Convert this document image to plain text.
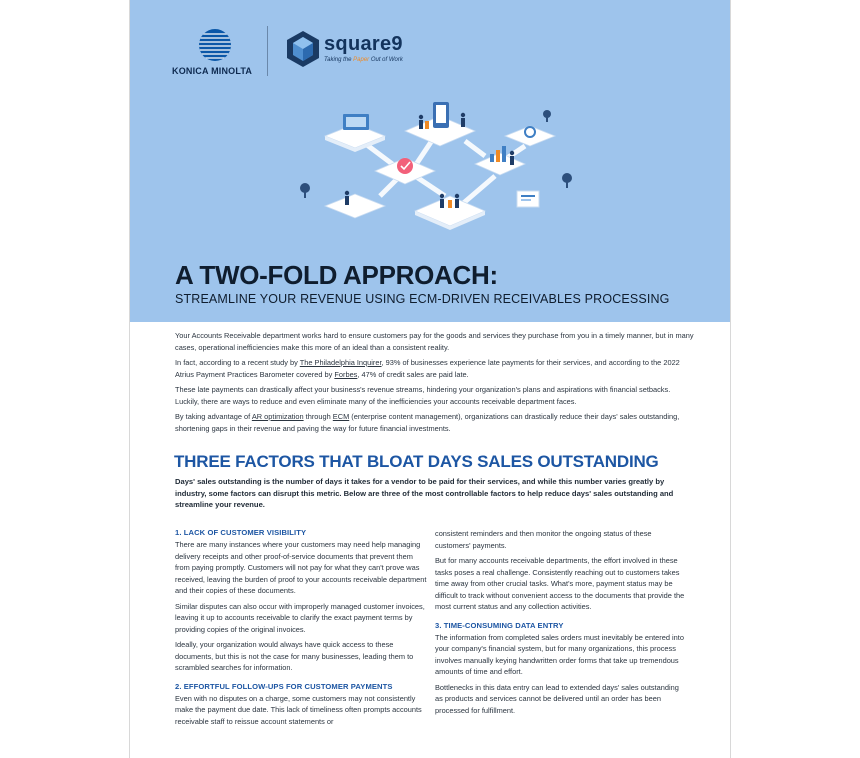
KONICA MINOLTA
square9
Taking the Paper Out of Work
A TWO-FOLD APPROACH:
STREAMLINE YOUR REVENUE USING ECM-DRIVEN RECEIVABLES PROCESSING

Your Accounts Receivable department works hard to ensure customers pay for the goods and services they purchase from you in a timely manner, but in many cases, operational inefficiencies make this more of an ideal than a consistent reality.

In fact, according to a recent study by The Philadelphia Inquirer, 93% of businesses experience late payments for their services, and according to the 2022 Atrius Payment Practices Barometer covered by Forbes, 47% of credit sales are paid late.

These late payments can drastically affect your business's revenue streams, hindering your organization's plans and aspirations with financial setbacks. Luckily, there are ways to reduce and even eliminate many of the inefficiencies your accounts receivable department faces.

By taking advantage of AR optimization through ECM (enterprise content management), organizations can drastically reduce their days' sales outstanding, shortening gaps in their revenue and paving the way for future financial investments.

THREE FACTORS THAT BLOAT DAYS SALES OUTSTANDING

Days' sales outstanding is the number of days it takes for a vendor to be paid for their services, and while this number varies greatly by industry, some factors can disrupt this metric. Below are three of the most controllable factors to help reduce days' sales outstanding and streamline your revenue.

1. LACK OF CUSTOMER VISIBILITY

There are many instances where your customers may need help managing delivery receipts and other proof-of-service documents that prevent them from paying promptly. Customers will not pay for what they can't prove was received, leaving the burden of proof to your accounts receivable department and their copies of these documents.

Similar disputes can also occur with improperly managed customer invoices, leaving it up to accounts receivable to clarify the exact payment terms by providing copies of the original invoices.

Ideally, your organization would always have quick access to these documents, but this is not the case for many businesses, leading them to scrambled searches for information.

2. EFFORTFUL FOLLOW-UPS FOR CUSTOMER PAYMENTS

Even with no disputes on a charge, some customers may not consistently make the payment due date. This lack of timeliness often prompts accounts receivable staff to reissue account statements or

consistent reminders and then monitor the ongoing status of these customers' payments.

But for many accounts receivable departments, the effort involved in these tasks poses a real challenge. Consistently reaching out to customers takes time away from other crucial tasks. What's more, payment status may be difficult to track without convenient access to the documents that provide the most current status and any collection activities.

3. TIME-CONSUMING DATA ENTRY

The information from completed sales orders must inevitably be entered into your company's financial system, but for many organizations, this process involves manually keying handwritten order forms that take up tremendous amounts of time and effort.

Bottlenecks in this data entry can lead to extended days' sales outstanding as products and services cannot be delivered until an order has been processed for fulfillment.
